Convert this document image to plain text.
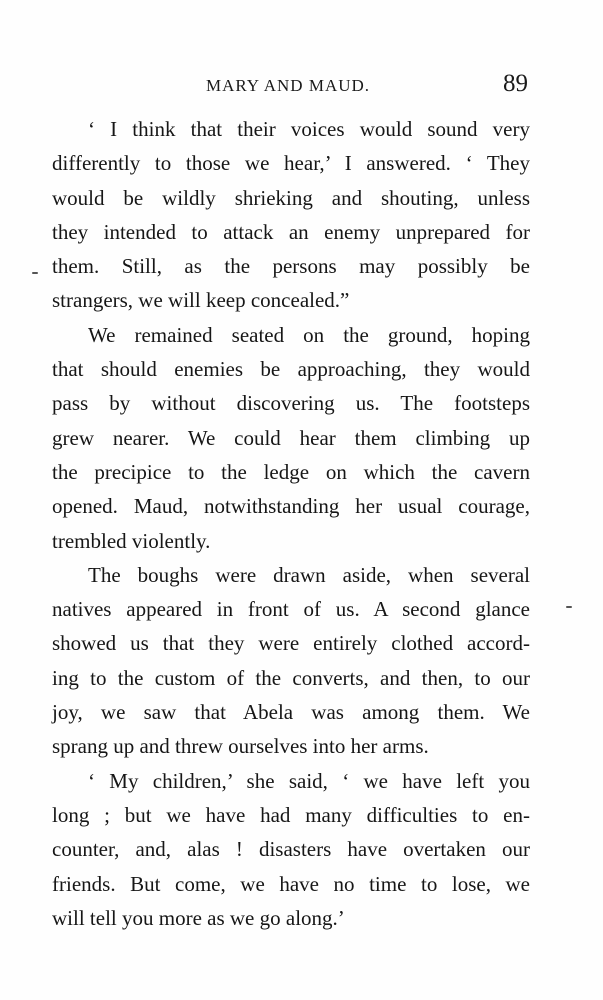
MARY AND MAUD.	89
‘ I think that their voices would sound very
differently to those we hear,’ I answered. ‘ They
would be wildly shrieking and shouting, unless
they intended to attack an enemy unprepared for
them. Still, as the persons may possibly be
strangers, we will keep concealed.”
We remained seated on the ground, hoping
that should enemies be approaching, they would
pass by without discovering us. The footsteps
grew nearer. We could hear them climbing up
the precipice to the ledge on which the cavern
opened. Maud, notwithstanding her usual courage,
trembled violently.
The boughs were drawn aside, when several
natives appeared in front of us. A second glance
showed us that they were entirely clothed accord-
ing to the custom of the converts, and then, to our
joy, we saw that Abela was among them. We
sprang up and threw ourselves into her arms.
‘ My children,’ she said, ‘ we have left you
long ; but we have had many difficulties to en-
counter, and, alas ! disasters have overtaken our
friends. But come, we have no time to lose, we
will tell you more as we go along.’
